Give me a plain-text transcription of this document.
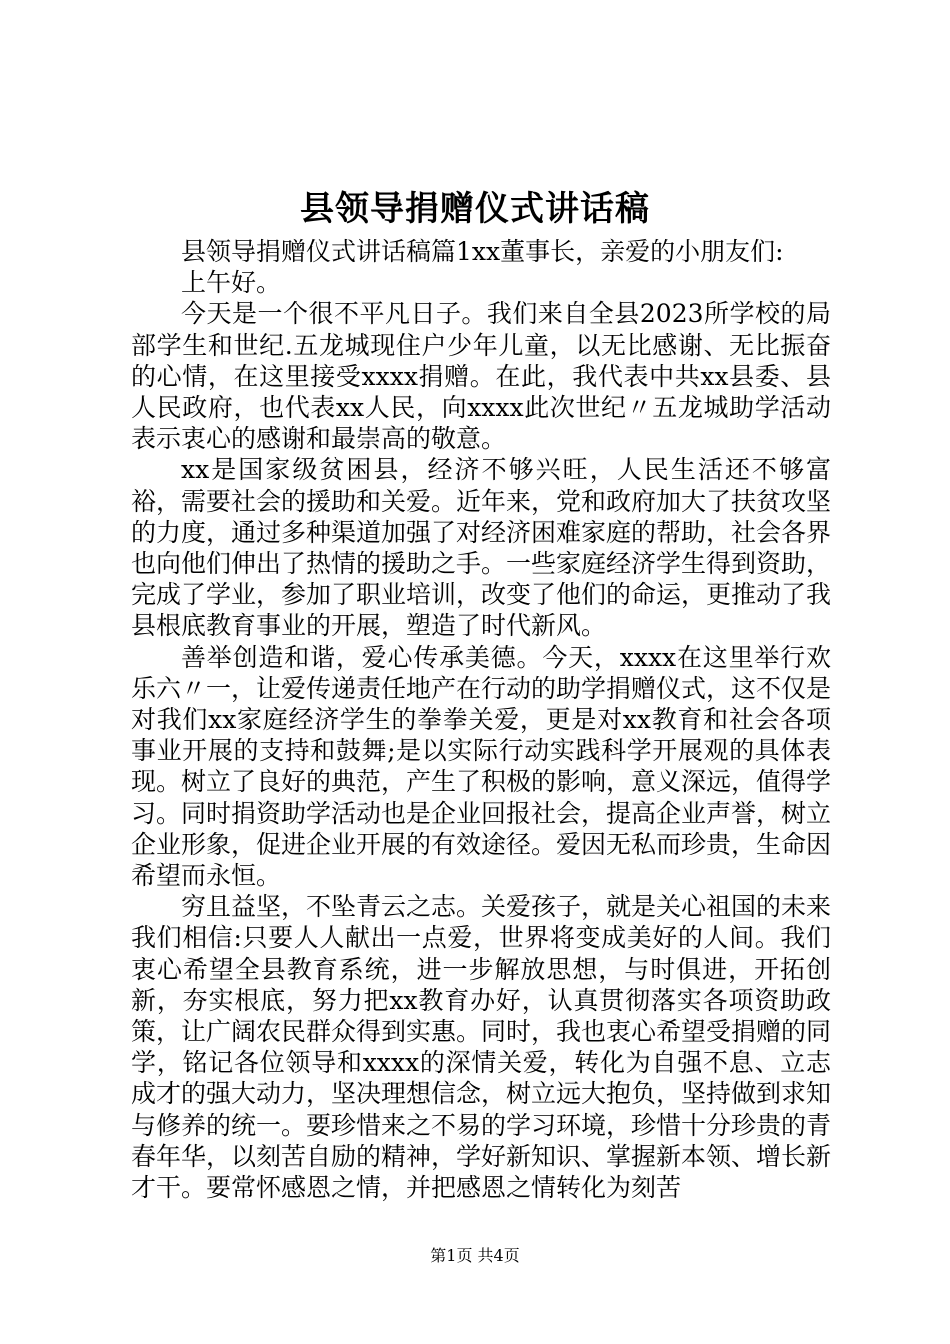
县领导捐赠仪式讲话稿

县领导捐赠仪式讲话稿篇1xx董事长，亲爱的小朋友们:

上午好。

今天是一个很不平凡日子。我们来自全县2023所学校的局部学生和世纪.五龙城现住户少年儿童，以无比感谢、无比振奋的心情，在这里接受xxxx捐赠。在此，我代表中共xx县委、县人民政府，也代表xx人民，向xxxx此次世纪〃五龙城助学活动表示衷心的感谢和最崇高的敬意。

xx是国家级贫困县，经济不够兴旺，人民生活还不够富裕，需要社会的援助和关爱。近年来，党和政府加大了扶贫攻坚的力度，通过多种渠道加强了对经济困难家庭的帮助，社会各界也向他们伸出了热情的援助之手。一些家庭经济学生得到资助，完成了学业，参加了职业培训，改变了他们的命运，更推动了我县根底教育事业的开展，塑造了时代新风。

善举创造和谐，爱心传承美德。今天，xxxx在这里举行欢乐六〃一，让爱传递责任地产在行动的助学捐赠仪式，这不仅是对我们xx家庭经济学生的拳拳关爱，更是对xx教育和社会各项事业开展的支持和鼓舞;是以实际行动实践科学开展观的具体表现。树立了良好的典范，产生了积极的影响，意义深远，值得学习。同时捐资助学活动也是企业回报社会，提高企业声誉，树立企业形象，促进企业开展的有效途径。爱因无私而珍贵，生命因希望而永恒。

穷且益坚，不坠青云之志。关爱孩子，就是关心祖国的未来我们相信:只要人人献出一点爱，世界将变成美好的人间。我们衷心希望全县教育系统，进一步解放思想，与时俱进，开拓创新，夯实根底，努力把xx教育办好，认真贯彻落实各项资助政策，让广阔农民群众得到实惠。同时，我也衷心希望受捐赠的同学，铭记各位领导和xxxx的深情关爱，转化为自强不息、立志成才的强大动力，坚决理想信念，树立远大抱负，坚持做到求知与修养的统一。要珍惜来之不易的学习环境，珍惜十分珍贵的青春年华，以刻苦自励的精神，学好新知识、掌握新本领、增长新才干。要常怀感恩之情，并把感恩之情转化为刻苦

第1页 共4页
